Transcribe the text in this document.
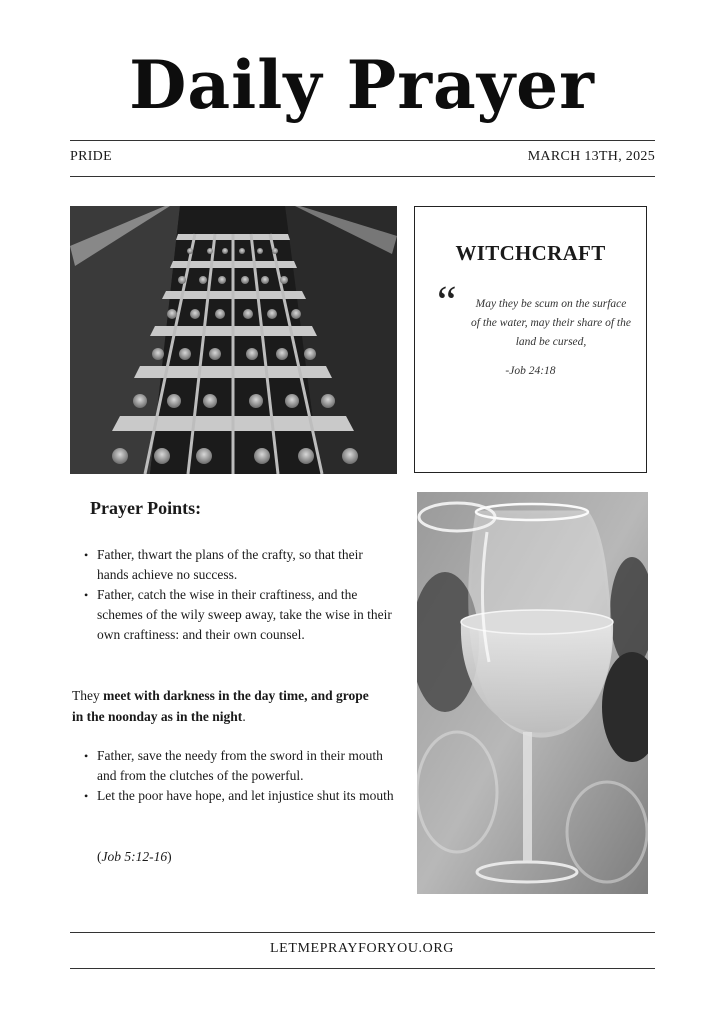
Daily Prayer
PRIDE	MARCH 13TH, 2025
WITCHCRAFT
“	May they be scum on the surface of the water, may their share of the land be cursed,
-Job 24:18
Prayer Points:
• Father, thwart the plans of the crafty, so that their hands achieve no success.
• Father, catch the wise in their craftiness, and the schemes of the wily sweep away, take the wise in their own craftiness: and their own counsel.
They meet with darkness in the day time, and grope in the noonday as in the night.
• Father, save the needy from the sword in their mouth and from the clutches of the powerful.
• Let the poor have hope, and let injustice shut its mouth
(Job 5:12-16)
LETMEPRAYFORYOU.ORG
